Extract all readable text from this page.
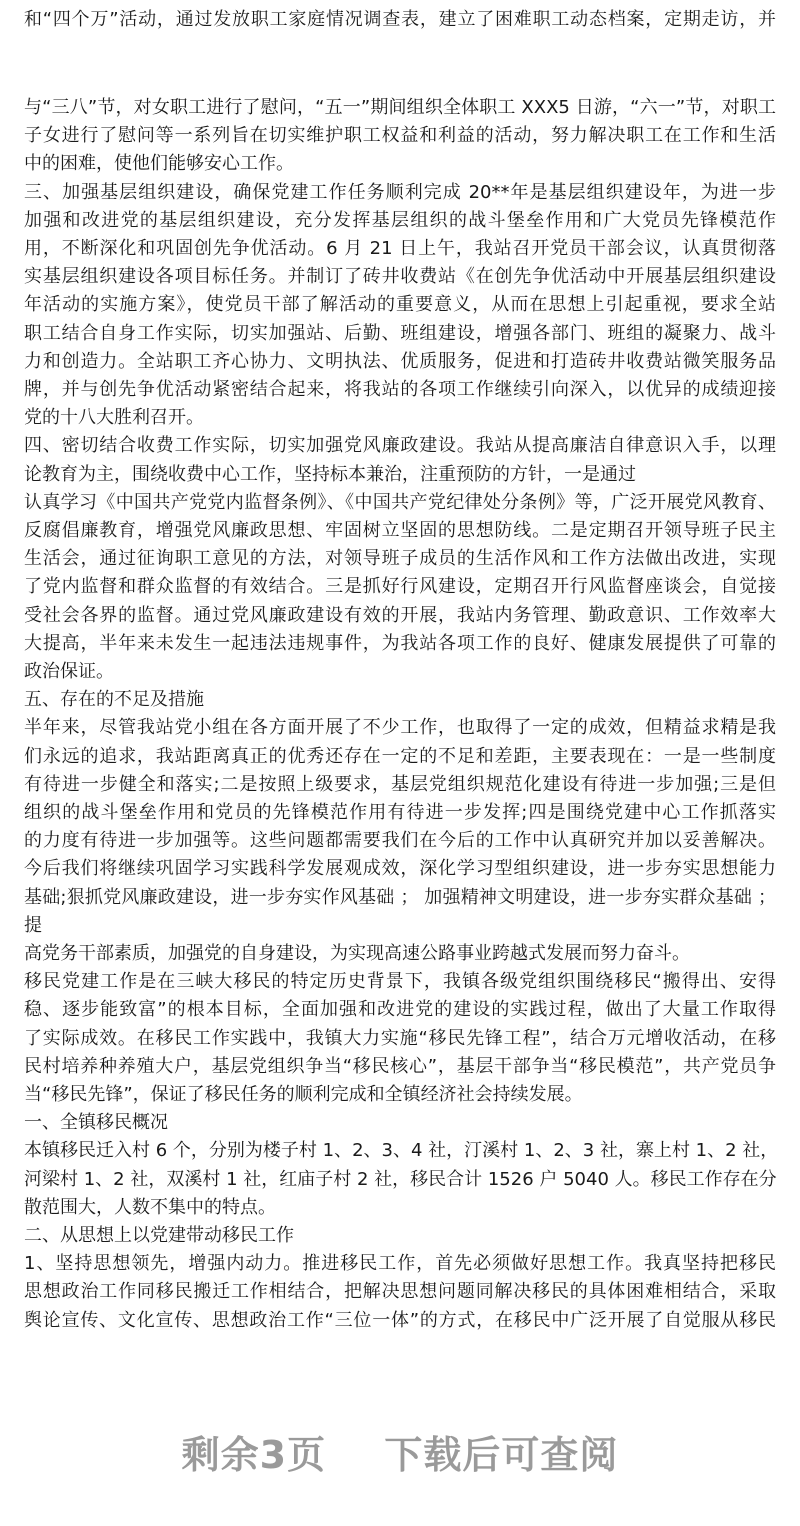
和“四个万”活动，通过发放职工家庭情况调查表，建立了困难职工动态档案，定期走访，并
与“三八”节，对女职工进行了慰问，“五一”期间组织全体职工 XXX5 日游，“六一”节，对职工
子女进行了慰问等一系列旨在切实维护职工权益和利益的活动，努力解决职工在工作和生活
中的困难，使他们能够安心工作。
三、加强基层组织建设，确保党建工作任务顺利完成 20**年是基层组织建设年，为进一步
加强和改进党的基层组织建设，充分发挥基层组织的战斗堡垒作用和广大党员先锋模范作
用，不断深化和巩固创先争优活动。6 月 21 日上午，我站召开党员干部会议，认真贯彻落
实基层组织建设各项目标任务。并制订了砖井收费站《在创先争优活动中开展基层组织建设
年活动的实施方案》，使党员干部了解活动的重要意义，从而在思想上引起重视，要求全站
职工结合自身工作实际，切实加强站、后勤、班组建设，增强各部门、班组的凝聚力、战斗
力和创造力。全站职工齐心协力、文明执法、优质服务，促进和打造砖井收费站微笑服务品
牌，并与创先争优活动紧密结合起来，将我站的各项工作继续引向深入，以优异的成绩迎接
党的十八大胜利召开。
四、密切结合收费工作实际，切实加强党风廉政建设。我站从提高廉洁自律意识入手，以理
论教育为主，围绕收费中心工作，坚持标本兼治，注重预防的方针，一是通过
认真学习《中国共产党党内监督条例》、《中国共产党纪律处分条例》等，广泛开展党风教育、
反腐倡廉教育，增强党风廉政思想、牢固树立坚固的思想防线。二是定期召开领导班子民主
生活会，通过征询职工意见的方法，对领导班子成员的生活作风和工作方法做出改进，实现
了党内监督和群众监督的有效结合。三是抓好行风建设，定期召开行风监督座谈会，自觉接
受社会各界的监督。通过党风廉政建设有效的开展，我站内务管理、勤政意识、工作效率大
大提高，半年来未发生一起违法违规事件，为我站各项工作的良好、健康发展提供了可靠的
政治保证。
五、存在的不足及措施
半年来，尽管我站党小组在各方面开展了不少工作，也取得了一定的成效，但精益求精是我
们永远的追求，我站距离真正的优秀还存在一定的不足和差距，主要表现在：一是一些制度
有待进一步健全和落实;二是按照上级要求，基层党组织规范化建设有待进一步加强;三是但
组织的战斗堡垒作用和党员的先锋模范作用有待进一步发挥;四是围绕党建中心工作抓落实
的力度有待进一步加强等。这些问题都需要我们在今后的工作中认真研究并加以妥善解决。
今后我们将继续巩固学习实践科学发展观成效，深化学习型组织建设，进一步夯实思想能力
基础;狠抓党风廉政建设，进一步夯实作风基础 ； 加强精神文明建设，进一步夯实群众基础 ；
提
高党务干部素质，加强党的自身建设，为实现高速公路事业跨越式发展而努力奋斗。
移民党建工作是在三峡大移民的特定历史背景下，我镇各级党组织围绕移民“搬得出、安得
稳、逐步能致富”的根本目标，全面加强和改进党的建设的实践过程，做出了大量工作取得
了实际成效。在移民工作实践中，我镇大力实施“移民先锋工程”，结合万元增收活动，在移
民村培养种养殖大户，基层党组织争当“移民核心”，基层干部争当“移民模范”，共产党员争
当“移民先锋”，保证了移民任务的顺利完成和全镇经济社会持续发展。
一、全镇移民概况
本镇移民迁入村 6 个，分别为楼子村 1、2、3、4 社，汀溪村 1、2、3 社，寨上村 1、2 社，
河梁村 1、2 社，双溪村 1 社，红庙子村 2 社，移民合计 1526 户 5040 人。移民工作存在分
散范围大，人数不集中的特点。
二、从思想上以党建带动移民工作
1、坚持思想领先，增强内动力。推进移民工作，首先必须做好思想工作。我真坚持把移民
思想政治工作同移民搬迁工作相结合，把解决思想问题同解决移民的具体困难相结合，采取
舆论宣传、文化宣传、思想政治工作“三位一体”的方式，在移民中广泛开展了自觉服从移民
剩余3页 下载后可查阅
